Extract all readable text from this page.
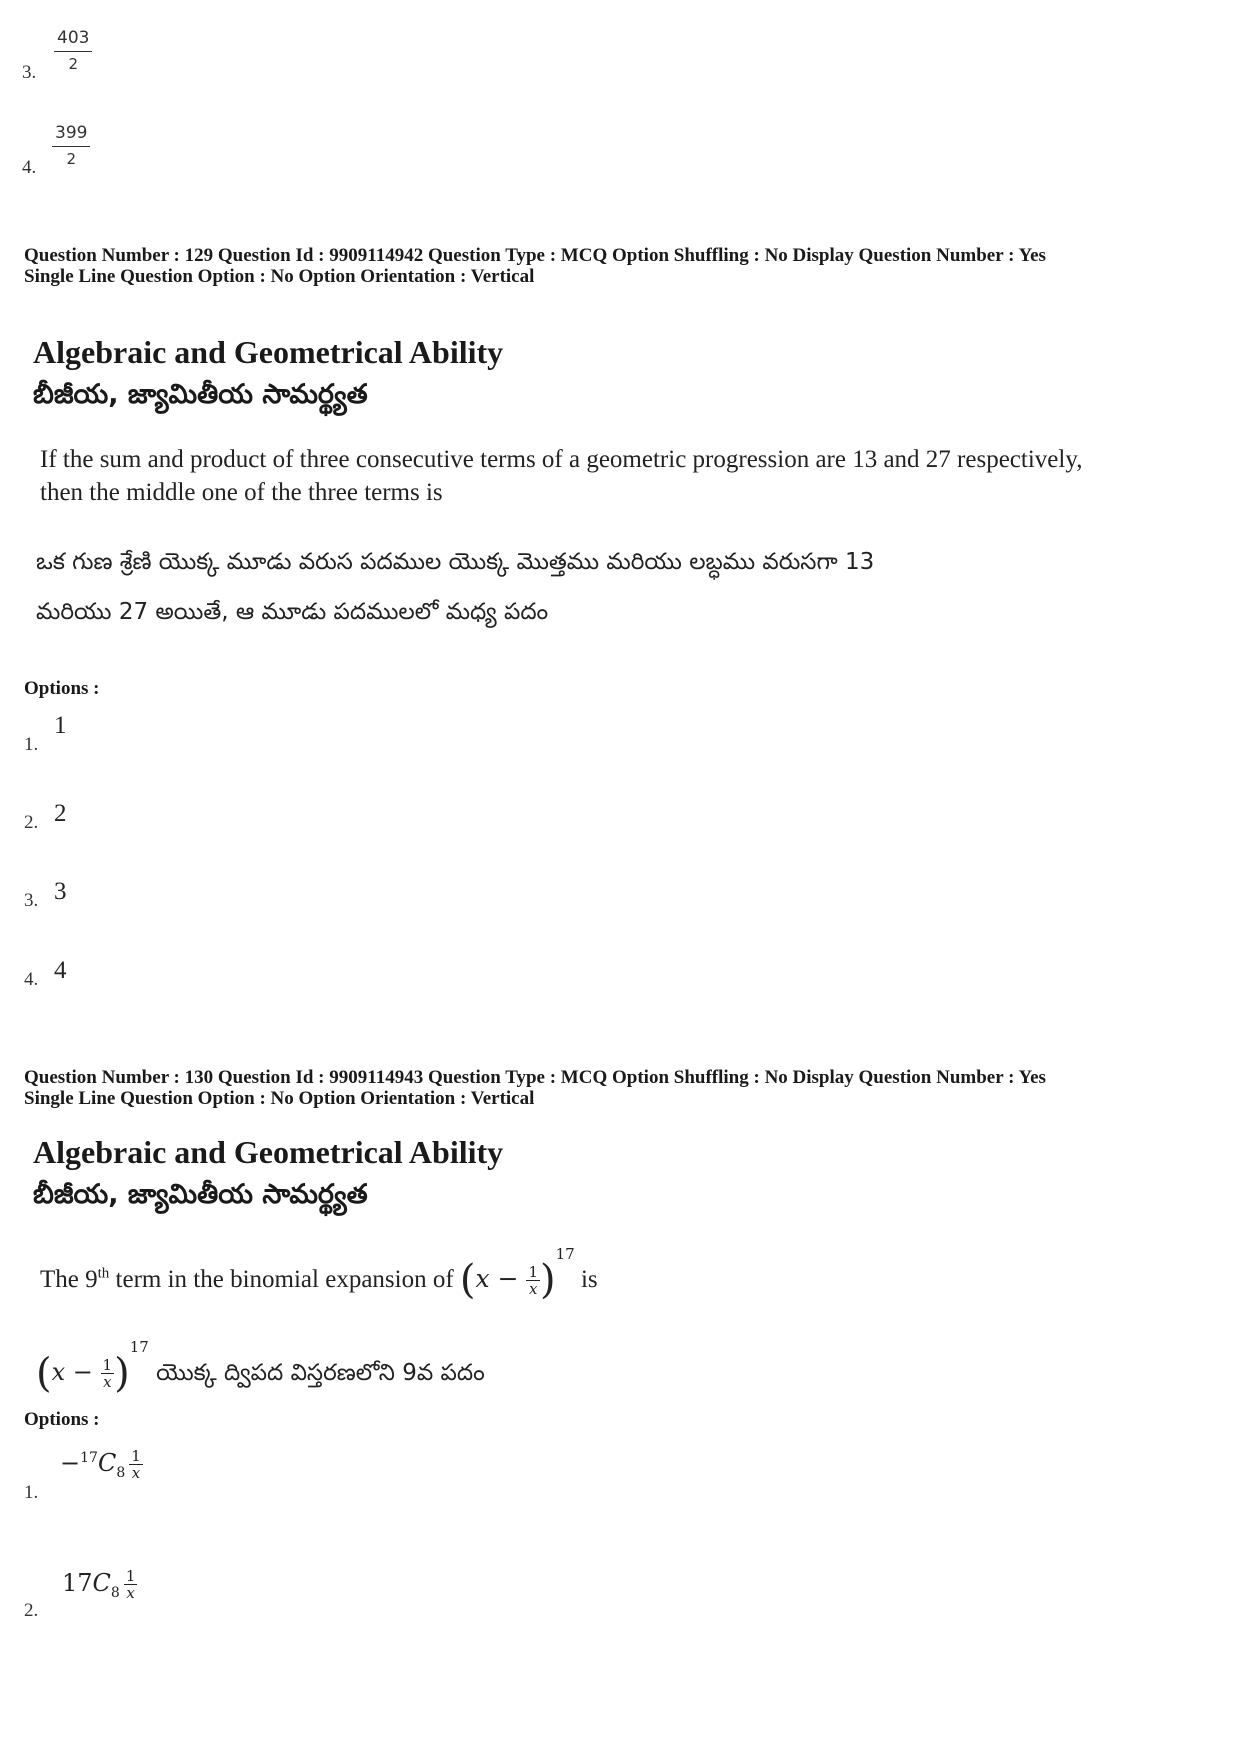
3. $\frac{403}{2}$
4. $\frac{399}{2}$
Question Number : 129 Question Id : 9909114942 Question Type : MCQ Option Shuffling : No Display Question Number : Yes
Single Line Question Option : No Option Orientation : Vertical
Algebraic and Geometrical Ability
బీజీయ, జ్యామితీయ సామర్థ్యత
If the sum and product of three consecutive terms of a geometric progression are 13 and 27 respectively, then the middle one of the three terms is
ఒక గుణ శ్రేణి యొక్క మూడు వరుస పదముల యొక్క మొత్తము మరియు లబ్ధము వరుసగా 13
మరియు 27 అయితే, ఆ మూడు పదములలో మధ్య పదం
Options :
1.
1
2. 2
3. 3
4. 4
Question Number : 130 Question Id : 9909114943 Question Type : MCQ Option Shuffling : No Display Question Number : Yes
Single Line Question Option : No Option Orientation : Vertical
Algebraic and Geometrical Ability
బీజీయ, జ్యామితీయ సామర్థ్యత
The 9th term in the binomial expansion of $(x - \frac{1}{x} )^{17}$ is
$(x - \frac{1}{x} )^{17}$ యొక్క ద్విపద విస్తరణలోని 9వ పదం
Options :
1.
$-^{17}C_8 \frac{1}{x}$
2.
$17C_8 \frac{1}{x}$
